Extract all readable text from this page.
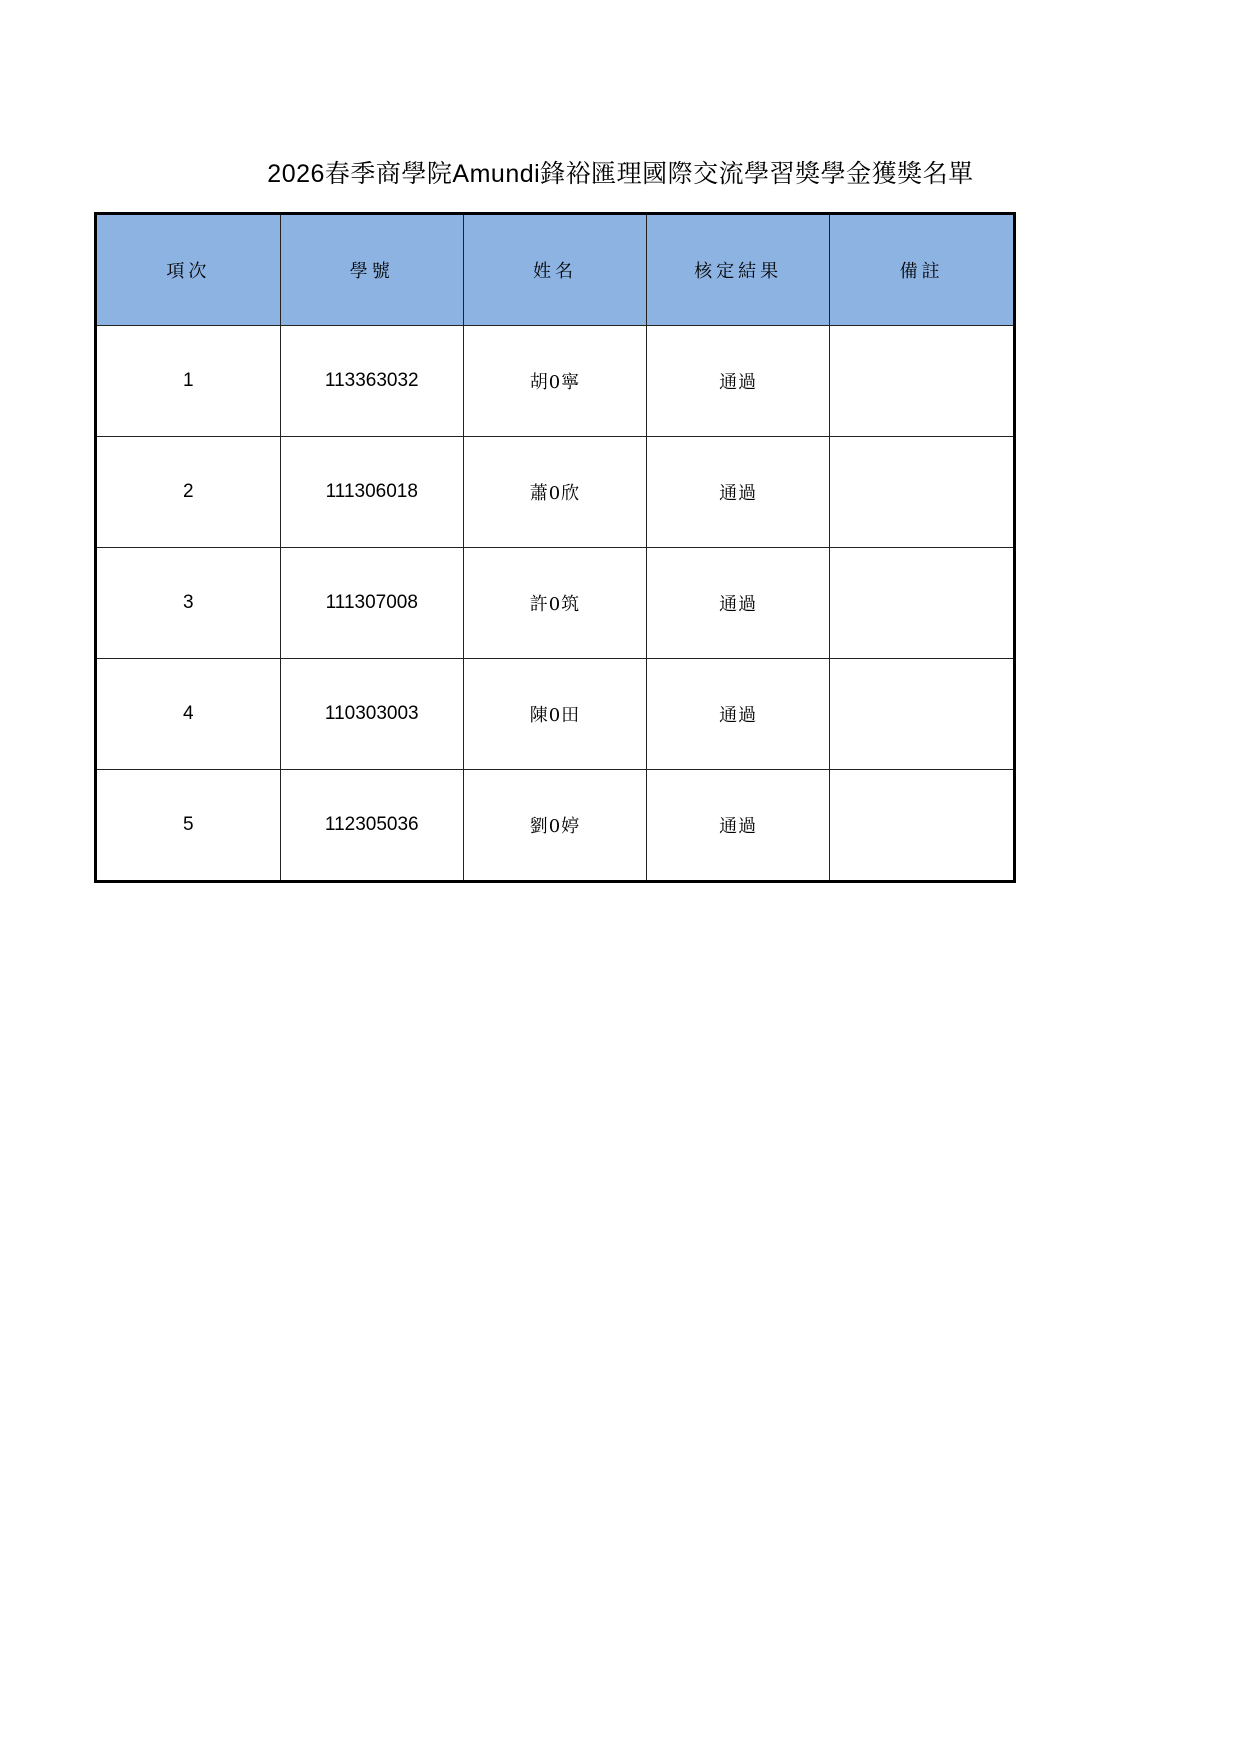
2026春季商學院Amundi鋒裕匯理國際交流學習獎學金獲獎名單
項次	學號	姓名	核定結果	備註
1	113363032	胡0寧	通過	
2	111306018	蕭0欣	通過	
3	111307008	許0筑	通過	
4	110303003	陳0田	通過	
5	112305036	劉0婷	通過	
